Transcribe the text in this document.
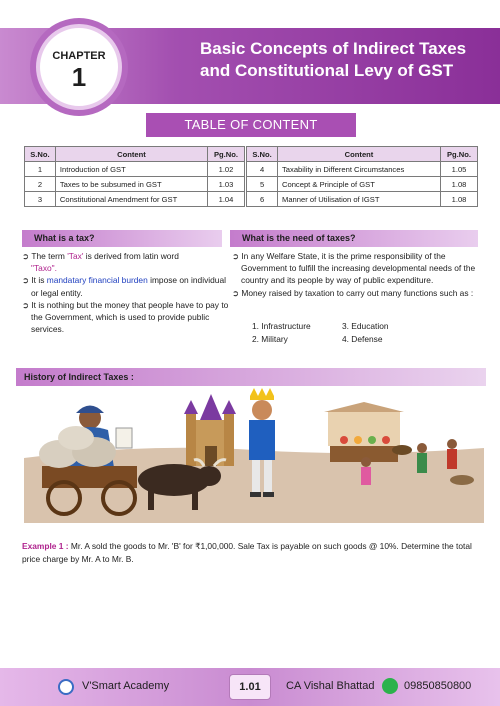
CHAPTER
1
Basic Concepts of Indirect Taxes
and Constitutional Levy of GST
TABLE OF CONTENT
S.No.	Content	Pg.No.		S.No.	Content	Pg.No.
1	Introduction of GST	1.02		4	Taxability in Different Circumstances	1.05
2	Taxes to be subsumed in GST	1.03		5	Concept & Principle of GST	1.08
3	Constitutional Amendment for GST	1.04		6	Manner of Utilisation of IGST	1.08
What is a tax?
➲ The term 'Tax' is derived from latin word
"Taxo".
➲ It is mandatary financial burden impose on individual or legal entity.
➲ It is nothing but the money that people have to pay to the Government, which is used to provide public services.
What is the need of taxes?
➲ In any Welfare State, it is the prime responsibility of the Government to fulfill the increasing developmental needs of the country and its people by way of public expenditure.
➲ Money raised by taxation to carry out many functions such as :
1. Infrastructure	3. Education
2. Military	4. Defense
History of Indirect Taxes :
Example 1 : Mr. A sold the goods to Mr. 'B' for ₹1,00,000. Sale Tax is payable on such goods @ 10%. Determine the total price charge by Mr. A to Mr. B.
V'Smart Academy	1.01	CA Vishal Bhattad	09850850800
